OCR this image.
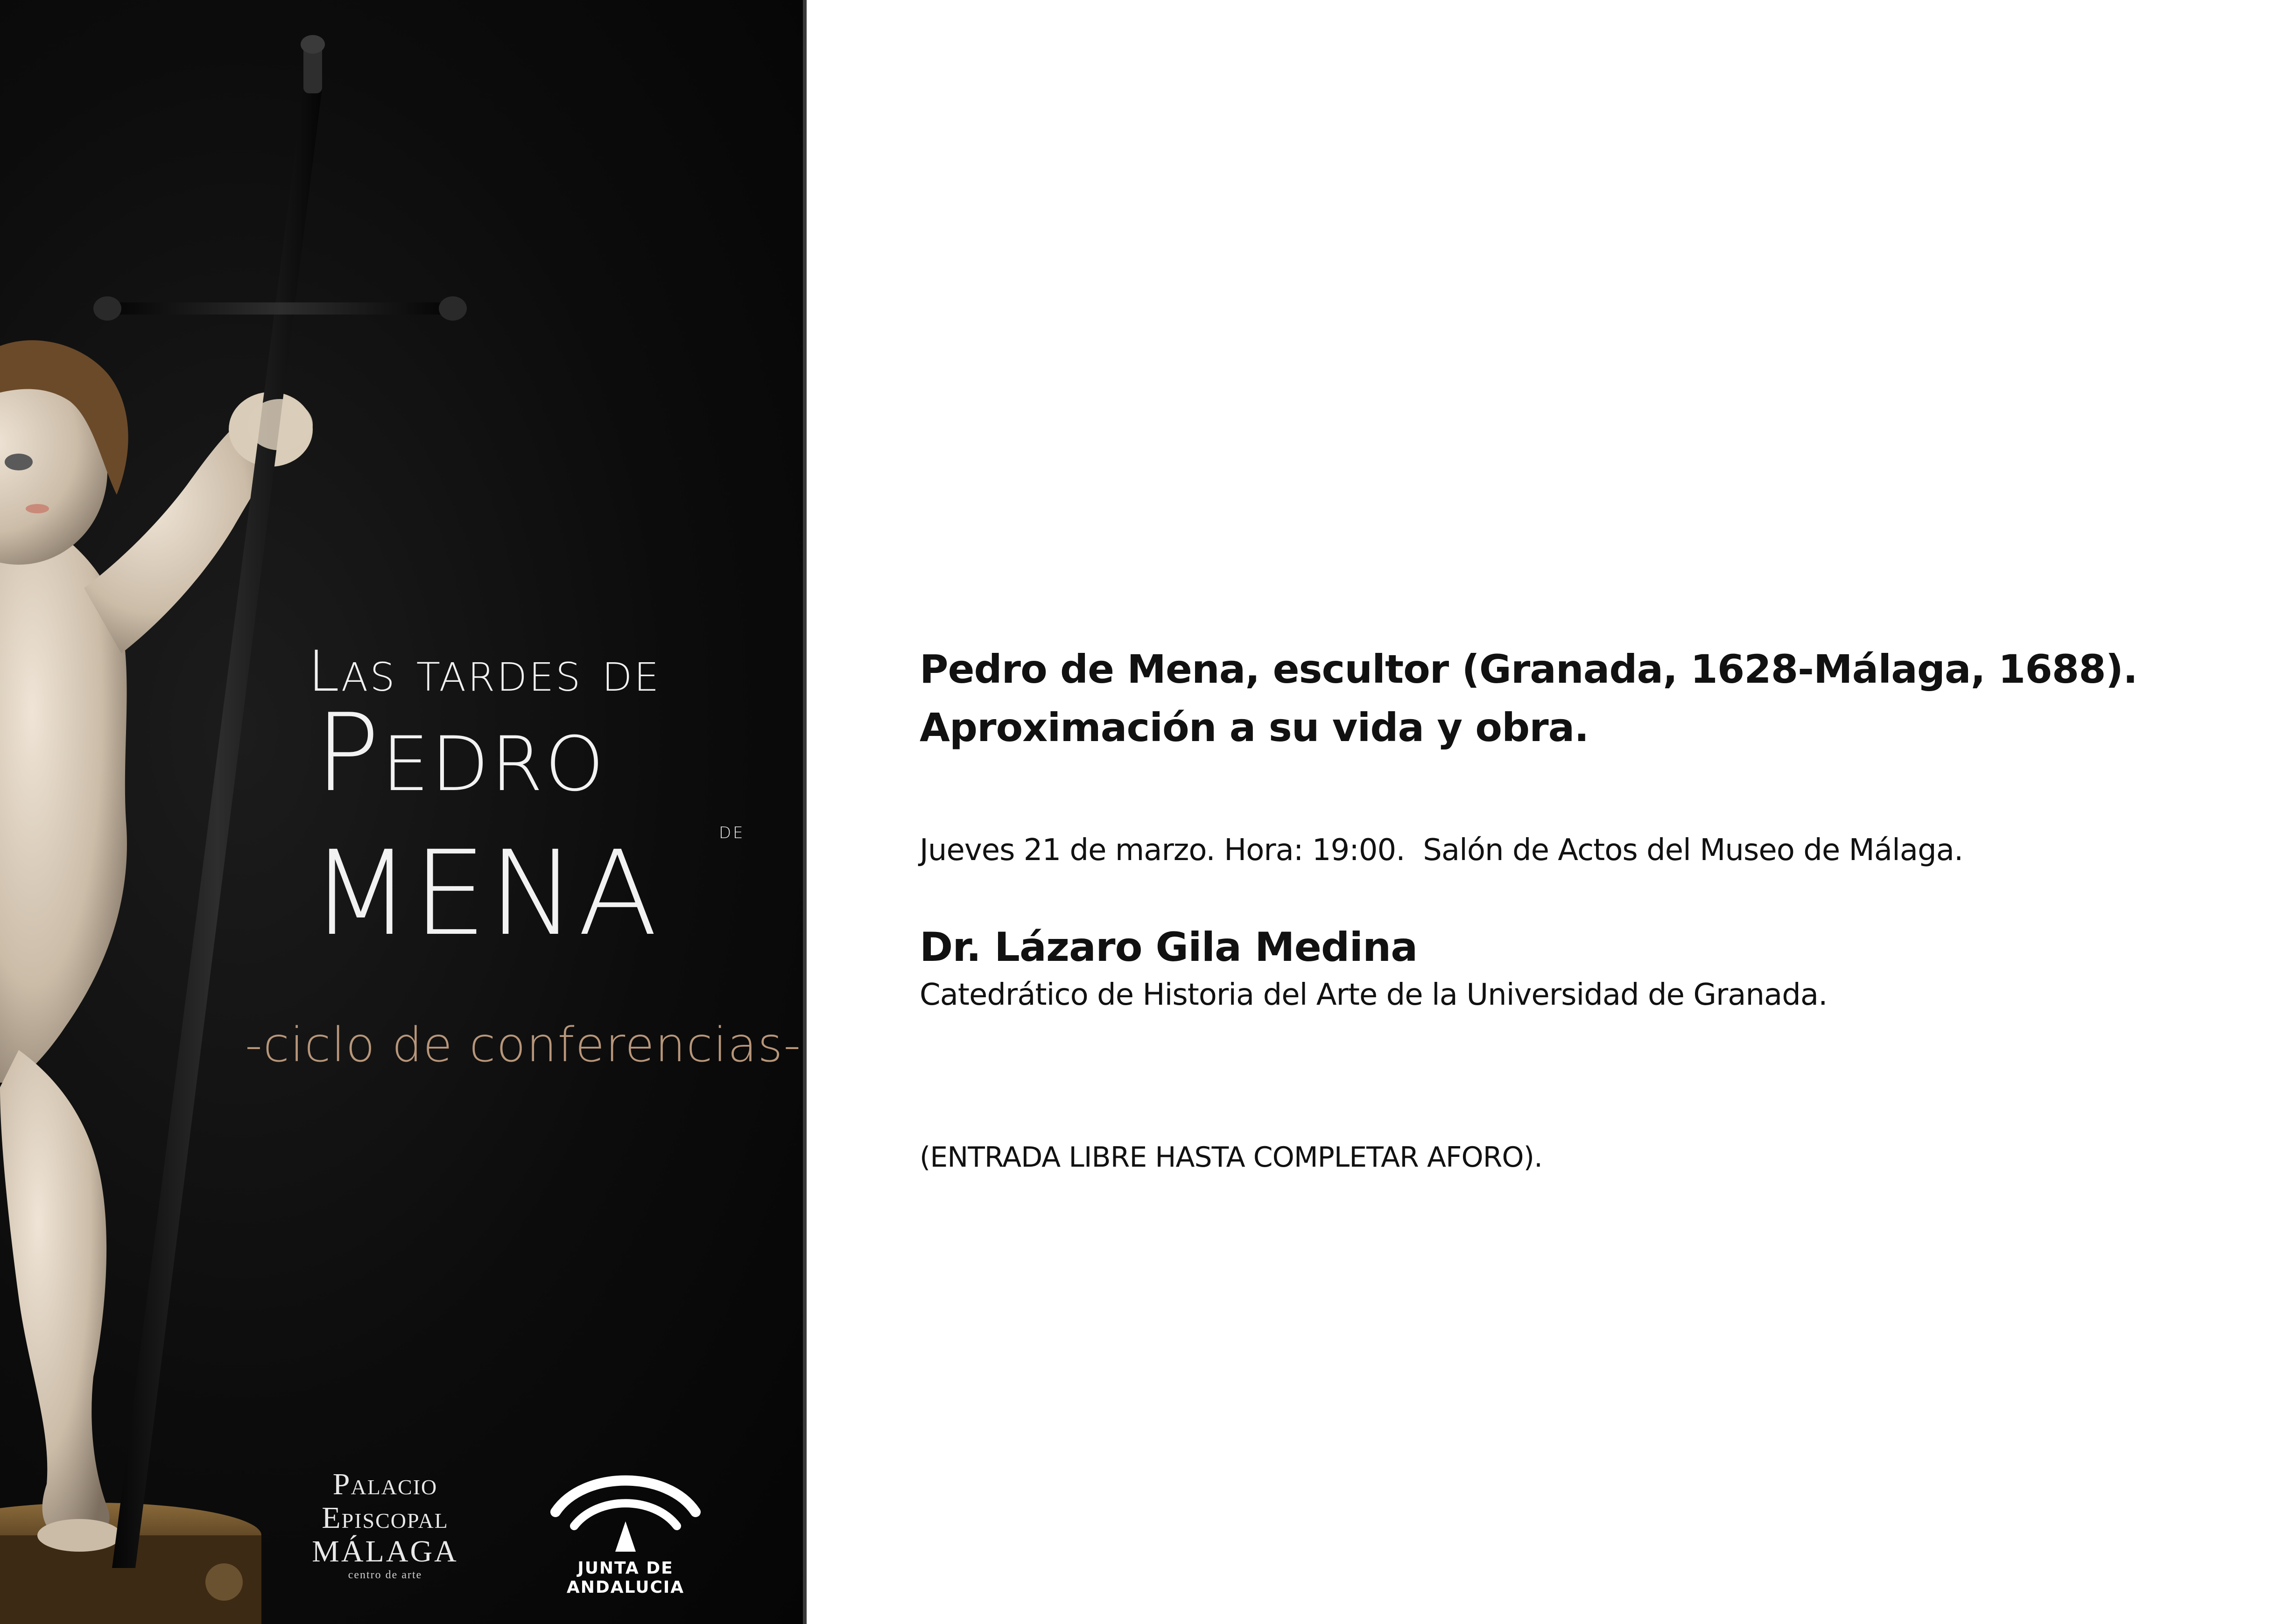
Las tardes de
Pedro
DE
MENA
-ciclo de conferencias-
Palacio
Episcopal
MÁLAGA
centro de arte	JUNTA DE ANDALUCIA
Pedro de Mena, escultor (Granada, 1628-Málaga, 1688).
Aproximación a su vida y obra.
Jueves 21 de marzo. Hora: 19:00.  Salón de Actos del Museo de Málaga.
Dr. Lázaro Gila Medina
Catedrático de Historia del Arte de la Universidad de Granada.
(ENTRADA LIBRE HASTA COMPLETAR AFORO).
